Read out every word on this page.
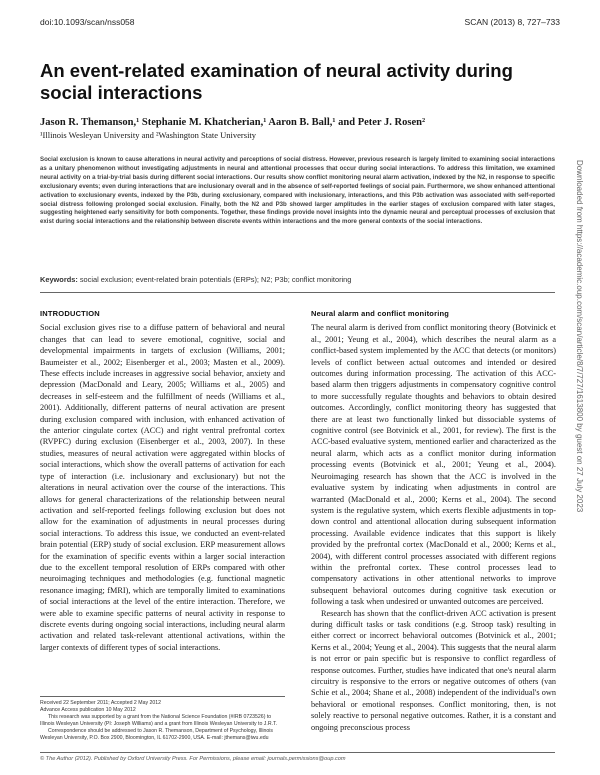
doi:10.1093/scan/nss058	SCAN (2013) 8, 727–733
An event-related examination of neural activity during social interactions
Jason R. Themanson,¹ Stephanie M. Khatcherian,¹ Aaron B. Ball,¹ and Peter J. Rosen²
¹Illinois Wesleyan University and ²Washington State University

Social exclusion is known to cause alterations in neural activity and perceptions of social distress. However, previous research is largely limited to examining social interactions as a unitary phenomenon without investigating adjustments in neural and attentional processes that occur during social interactions. To address this limitation, we examined neural activity on a trial-by-trial basis during different social interactions. Our results show conflict monitoring neural alarm activation, indexed by the N2, in response to specific exclusionary events; even during interactions that are inclusionary overall and in the absence of self-reported feelings of social pain. Furthermore, we show enhanced attentional activation to exclusionary events, indexed by the P3b, during exclusionary, compared with inclusionary, interactions, and this P3b activation was associated with self-reported social distress following prolonged social exclusion. Finally, both the N2 and P3b showed larger amplitudes in the earlier stages of exclusion compared with later stages, suggesting heightened early sensitivity for both components. Together, these findings provide novel insights into the dynamic neural and perceptual processes of exclusion that exist during social interactions and the relationship between discrete events within interactions and the more general contexts of the social interactions.

Keywords: social exclusion; event-related brain potentials (ERPs); N2; P3b; conflict monitoring
INTRODUCTION

Social exclusion gives rise to a diffuse pattern of behavioral and neural changes that can lead to severe emotional, cognitive, social and developmental impairments in targets of exclusion (Williams, 2001; Baumeister et al., 2002; Eisenberger et al., 2003; Masten et al., 2009). These effects include increases in aggressive social behavior, anxiety and depression (MacDonald and Leary, 2005; Williams et al., 2005) and decreases in self-esteem and the fulfillment of needs (Williams et al., 2001). Additionally, different patterns of neural activation are present during exclusion compared with inclusion, with enhanced activation of the anterior cingulate cortex (ACC) and right ventral prefrontal cortex (RVPFC) during exclusion (Eisenberger et al., 2003, 2007). In these studies, measures of neural activation were aggregated within blocks of social interactions, which show the overall patterns of activation for each type of interaction (i.e. inclusionary and exclusionary) but not the alterations in neural activation over the course of the interactions. This allows for general characterizations of the relationship between neural activation and self-reported feelings following exclusion but does not allow for the examination of adjustments in neural processes during social interactions. To address this issue, we conducted an event-related brain potential (ERP) study of social exclusion. ERP measurement allows for the examination of specific events within a larger social interaction due to the excellent temporal resolution of ERPs compared with other neuroimaging techniques and methodologies (e.g. functional magnetic resonance imaging; fMRI), which are temporally limited to examinations of social interactions at the level of the entire interaction. Therefore, we were able to examine specific patterns of neural activity in response to discrete events during ongoing social interactions, including neural alarm activation and related task-relevant attentional activations, within the larger contexts of different types of social interactions.

Received 22 September 2011; Accepted 2 May 2012
Advance Access publication 10 May 2012
This research was supported by a grant from the National Science Foundation (#IRB 0723526) to Illinois Wesleyan University (PI: Joseph Williams) and a grant from Illinois Wesleyan University to J.R.T.
Correspondence should be addressed to Jason R. Themanson, Department of Psychology, Illinois Wesleyan University, P.O. Box 2900, Bloomington, IL 61702-2900, USA. E-mail: jthemans@iwu.edu
Neural alarm and conflict monitoring

The neural alarm is derived from conflict monitoring theory (Botvinick et al., 2001; Yeung et al., 2004), which describes the neural alarm as a conflict-based system implemented by the ACC that detects (or monitors) levels of conflict between actual outcomes and intended or desired outcomes during information processing. The activation of this ACC-based alarm then triggers adjustments in compensatory cognitive control to more successfully regulate thoughts and behaviors to obtain desired outcomes. Accordingly, conflict monitoring theory has suggested that there are at least two functionally linked but dissociable systems of cognitive control (see Botvinick et al., 2001, for review). The first is the ACC-based evaluative system, mentioned earlier and characterized as the neural alarm, which acts as a conflict monitor during information processing events (Botvinick et al., 2001; Yeung et al., 2004). Neuroimaging research has shown that the ACC is involved in the evaluative system by indicating when adjustments in control are warranted (MacDonald et al., 2000; Kerns et al., 2004). The second system is the regulative system, which exerts flexible adjustments in top-down control and attentional allocation during subsequent information processing. Available evidence indicates that this support is likely provided by the prefrontal cortex (MacDonald et al., 2000; Kerns et al., 2004), with different control processes associated with different regions within the prefrontal cortex. These control processes lead to compensatory activations in other attentional networks to improve subsequent behavioral outcomes during cognitive task execution or following a task when undesired or unwanted outcomes are perceived.

Research has shown that the conflict-driven ACC activation is present during difficult tasks or task conditions (e.g. Stroop task) resulting in either correct or incorrect behavioral outcomes (Botvinick et al., 2001; Kerns et al., 2004; Yeung et al., 2004). This suggests that the neural alarm is not error or pain specific but is responsive to conflict regardless of response outcomes. Further, studies have indicated that one's neural alarm circuitry is responsive to the errors or negative outcomes of others (van Schie et al., 2004; Shane et al., 2008) independent of the individual's own behavioral or emotional responses. Conflict monitoring, then, is not solely reactive to personal negative outcomes. Rather, it is a constant and ongoing preconscious process

© The Author (2012). Published by Oxford University Press. For Permissions, please email: journals.permissions@oup.com
Downloaded from https://academic.oup.com/scan/article/8/7/727/1613800 by guest on 27 July 2023
